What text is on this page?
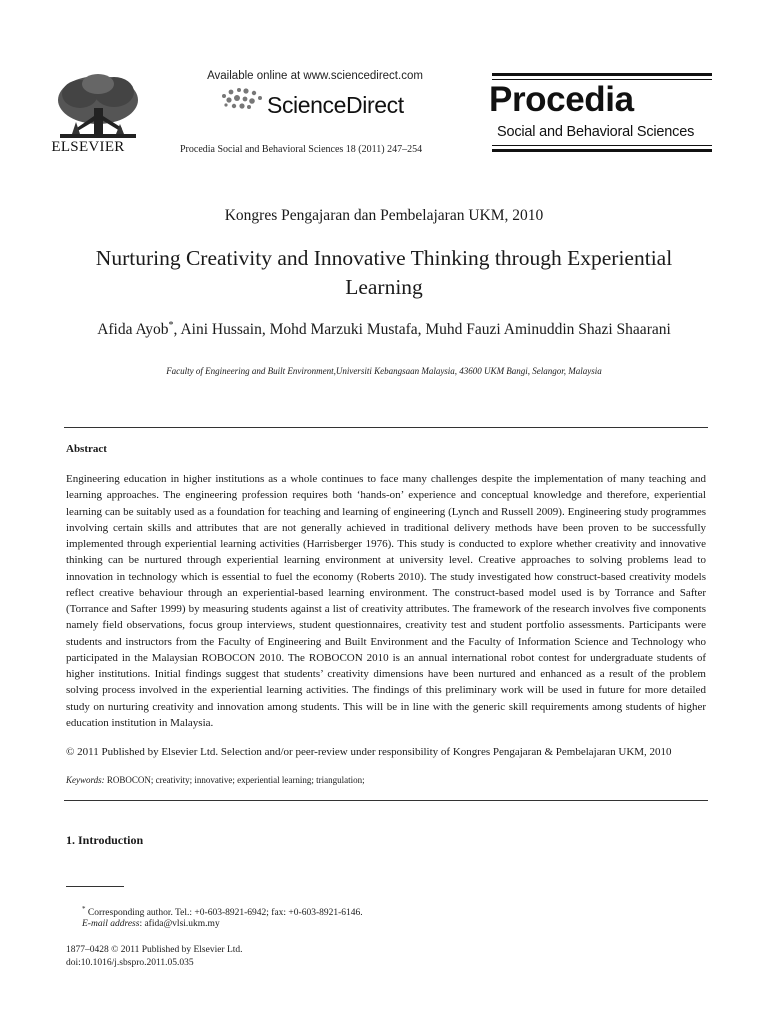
ELSEVIER
Available online at www.sciencedirect.com
ScienceDirect
Procedia Social and Behavioral Sciences 18 (2011) 247–254
Procedia
Social and Behavioral Sciences
Kongres Pengajaran dan Pembelajaran UKM, 2010
Nurturing Creativity and Innovative Thinking through Experiential Learning
Afida Ayob*, Aini Hussain, Mohd Marzuki Mustafa, Muhd Fauzi Aminuddin Shazi Shaarani
Faculty of Engineering and Built Environment,Universiti Kebangsaan Malaysia, 43600 UKM Bangi, Selangor, Malaysia
Abstract

Engineering education in higher institutions as a whole continues to face many challenges despite the implementation of many teaching and learning approaches. The engineering profession requires both ‘hands-on’ experience and conceptual knowledge and therefore, experiential learning can be suitably used as a foundation for teaching and learning of engineering (Lynch and Russell 2009). Engineering study programmes involving certain skills and attributes that are not generally achieved in traditional delivery methods have been proven to be successfully implemented through experiential learning activities (Harrisberger 1976). This study is conducted to explore whether creativity and innovative thinking can be nurtured through experiential learning environment at university level. Creative approaches to solving problems lead to innovation in technology which is essential to fuel the economy (Roberts 2010). The study investigated how construct-based creativity models reflect creative behaviour through an experiential-based learning environment. The construct-based model used is by Torrance and Safter (Torrance and Safter 1999) by measuring students against a list of creativity attributes. The framework of the research involves five components namely field observations, focus group interviews, student questionnaires, creativity test and student portfolio assessments. Participants were students and instructors from the Faculty of Engineering and Built Environment and the Faculty of Information Science and Technology who participated in the Malaysian ROBOCON 2010. The ROBOCON 2010 is an annual international robot contest for undergraduate students of higher institutions. Initial findings suggest that students’ creativity dimensions have been nurtured and enhanced as a result of the problem solving process involved in the experiential learning activities. The findings of this preliminary work will be used in future for more detailed study on nurturing creativity and innovation among students. This will be in line with the generic skill requirements among students of higher education institution in Malaysia.

© 2011 Published by Elsevier Ltd. Selection and/or peer-review under responsibility of Kongres Pengajaran & Pembelajaran UKM, 2010

Keywords: ROBOCON; creativity; innovative; experiential learning; triangulation;
1. Introduction
* Corresponding author. Tel.: +0-603-8921-6942; fax: +0-603-8921-6146.
E-mail address: afida@vlsi.ukm.my
1877–0428 © 2011 Published by Elsevier Ltd.
doi:10.1016/j.sbspro.2011.05.035
